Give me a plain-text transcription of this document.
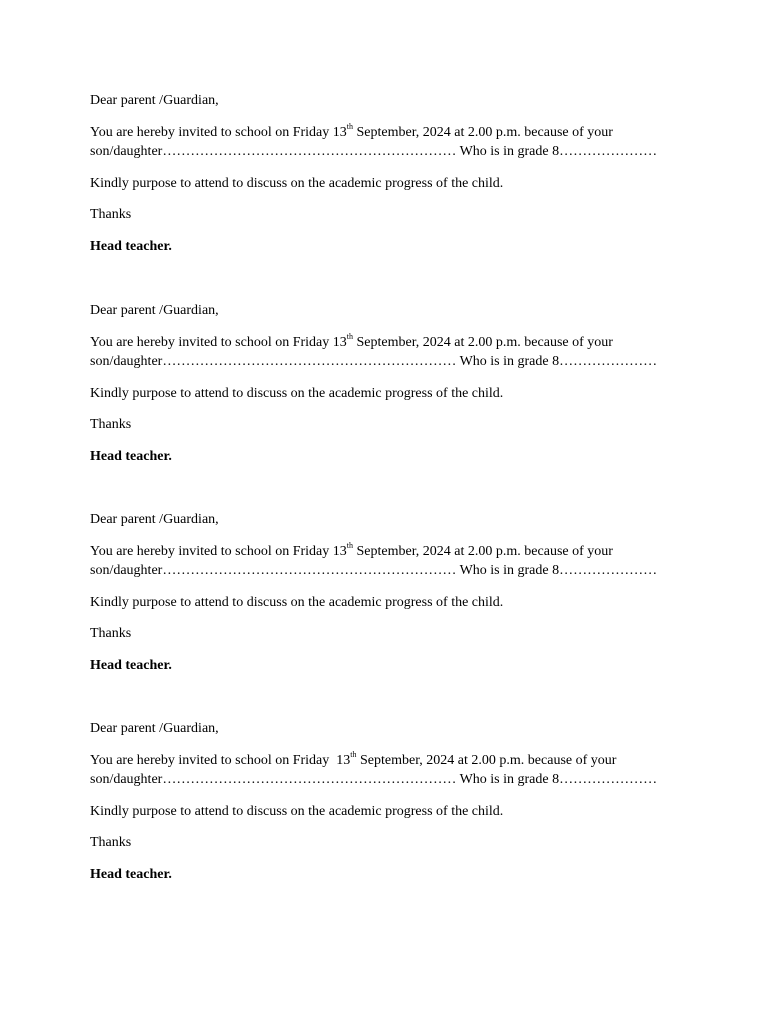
Dear parent /Guardian,
You are hereby invited to school on Friday 13th September, 2024 at 2.00 p.m. because of your
son/daughter……………………………………………………… Who is in grade 8…………………
Kindly purpose to attend to discuss on the academic progress of the child.
Thanks
Head teacher.
Dear parent /Guardian,
You are hereby invited to school on Friday 13th September, 2024 at 2.00 p.m. because of your
son/daughter……………………………………………………… Who is in grade 8…………………
Kindly purpose to attend to discuss on the academic progress of the child.
Thanks
Head teacher.
Dear parent /Guardian,
You are hereby invited to school on Friday 13th September, 2024 at 2.00 p.m. because of your
son/daughter……………………………………………………… Who is in grade 8…………………
Kindly purpose to attend to discuss on the academic progress of the child.
Thanks
Head teacher.
Dear parent /Guardian,
You are hereby invited to school on Friday  13th September, 2024 at 2.00 p.m. because of your
son/daughter……………………………………………………… Who is in grade 8…………………
Kindly purpose to attend to discuss on the academic progress of the child.
Thanks
Head teacher.
